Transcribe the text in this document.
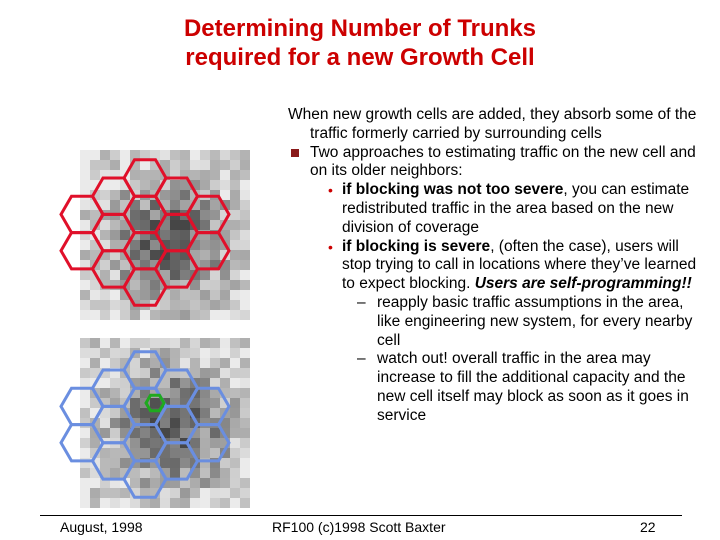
Determining Number of Trunks
required for a new Growth Cell
When new growth cells are added, they absorb some of the traffic formerly carried by surrounding cells
Two approaches to estimating traffic on the new cell and on its older neighbors:
• if blocking was not too severe, you can estimate redistributed traffic in the area based on the new division of coverage
• if blocking is severe, (often the case), users will stop trying to call in locations where they’ve learned to expect blocking. Users are self-programming!!
– reapply basic traffic assumptions in the area, like engineering new system, for every nearby cell
– watch out! overall traffic in the area may increase to fill the additional capacity and the new cell itself may block as soon as it goes in service
August, 1998	RF100 (c)1998 Scott Baxter	22
